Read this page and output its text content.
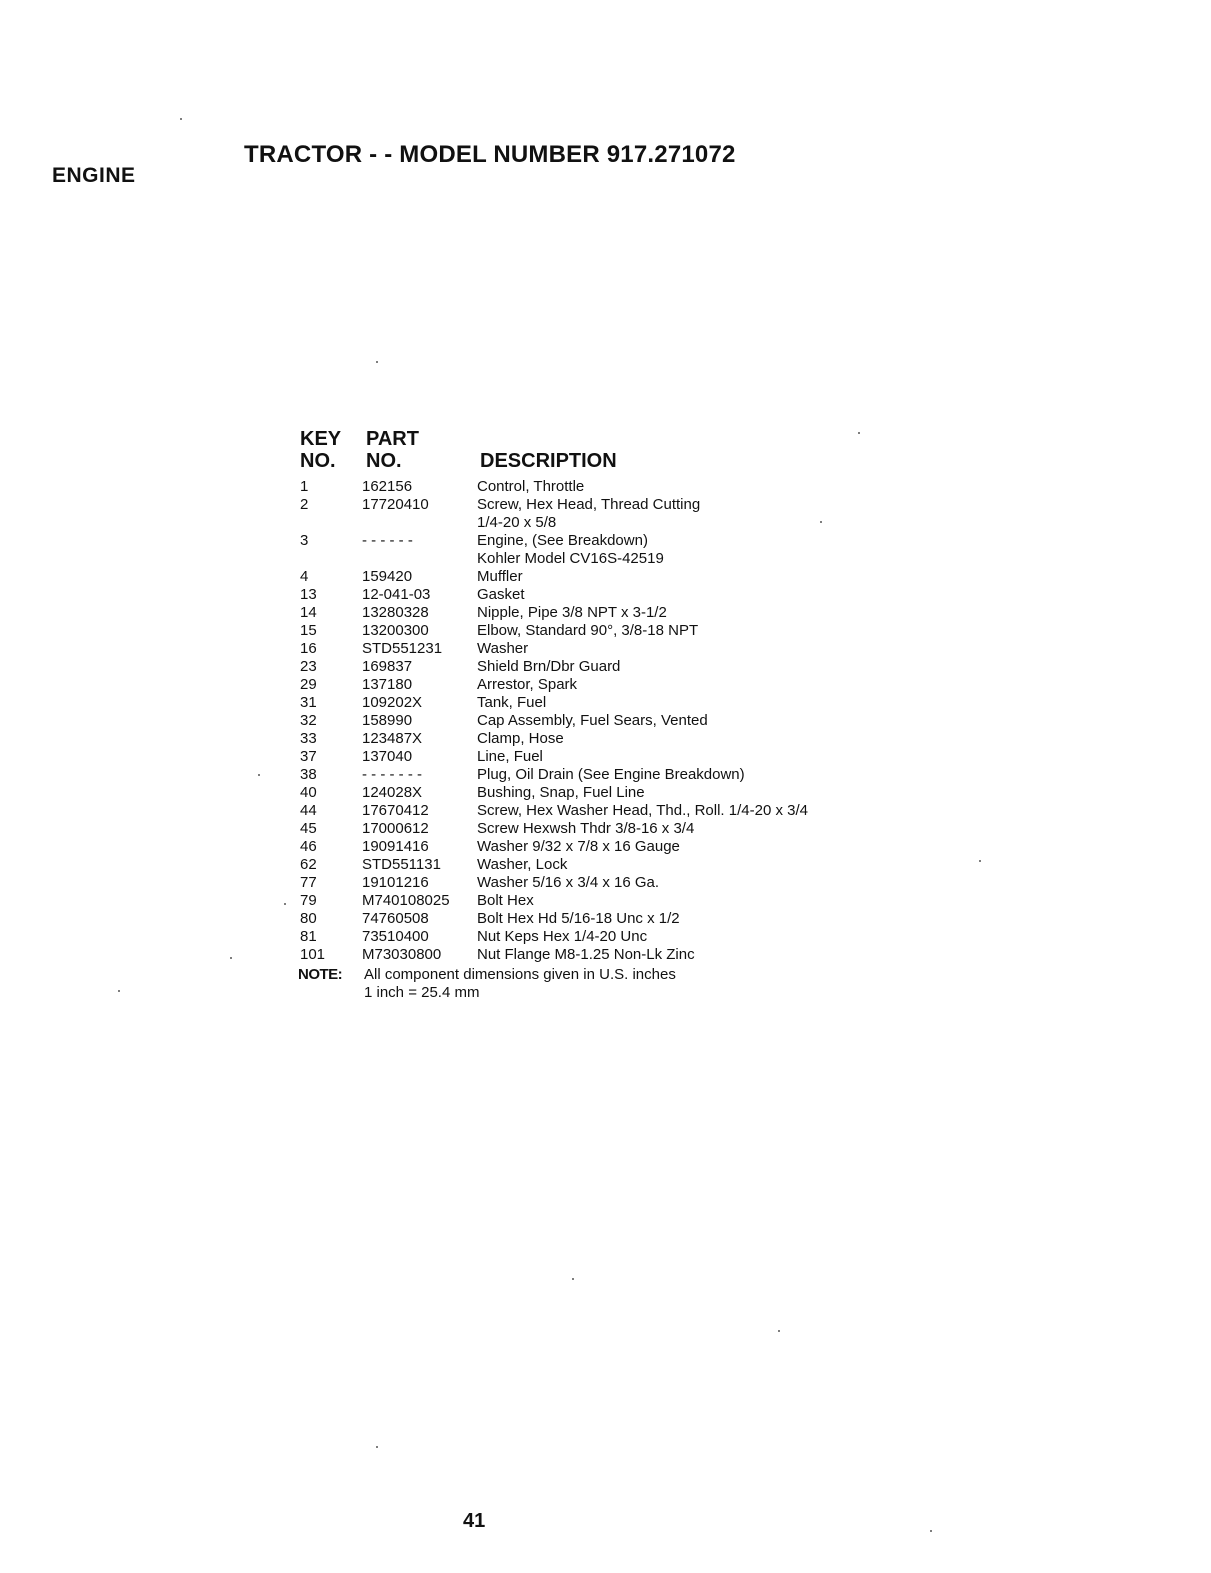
ENGINE
TRACTOR - - MODEL NUMBER 917.271072
KEY
NO.
PART
NO.	DESCRIPTION
1	162156	Control, Throttle
2	17720410	Screw, Hex Head, Thread Cutting
1/4-20 x 5/8
3	- - - - - -	Engine, (See Breakdown)
Kohler Model CV16S-42519
4	159420	Muffler
13	12-041-03	Gasket
14	13280328	Nipple, Pipe 3/8 NPT x 3-1/2
15	13200300	Elbow, Standard 90°, 3/8-18 NPT
16	STD551231	Washer
23	169837	Shield Brn/Dbr Guard
29	137180	Arrestor, Spark
31	109202X	Tank, Fuel
32	158990	Cap Assembly, Fuel Sears, Vented
33	123487X	Clamp, Hose
37	137040	Line, Fuel
38	- - - - - - -	Plug, Oil Drain (See Engine Breakdown)
40	124028X	Bushing, Snap, Fuel Line
44	17670412	Screw, Hex Washer Head, Thd., Roll. 1/4-20 x 3/4
45	17000612	Screw Hexwsh Thdr 3/8-16 x 3/4
46	19091416	Washer 9/32 x 7/8 x 16 Gauge
62	STD551131	Washer, Lock
77	19101216	Washer 5/16 x 3/4 x 16 Ga.
79	M740108025	Bolt Hex
80	74760508	Bolt Hex Hd 5/16-18 Unc x 1/2
81	73510400	Nut Keps Hex 1/4-20 Unc
101	M73030800	Nut Flange M8-1.25 Non-Lk Zinc
NOTE: All component dimensions given in U.S. inches
1 inch = 25.4 mm
41
